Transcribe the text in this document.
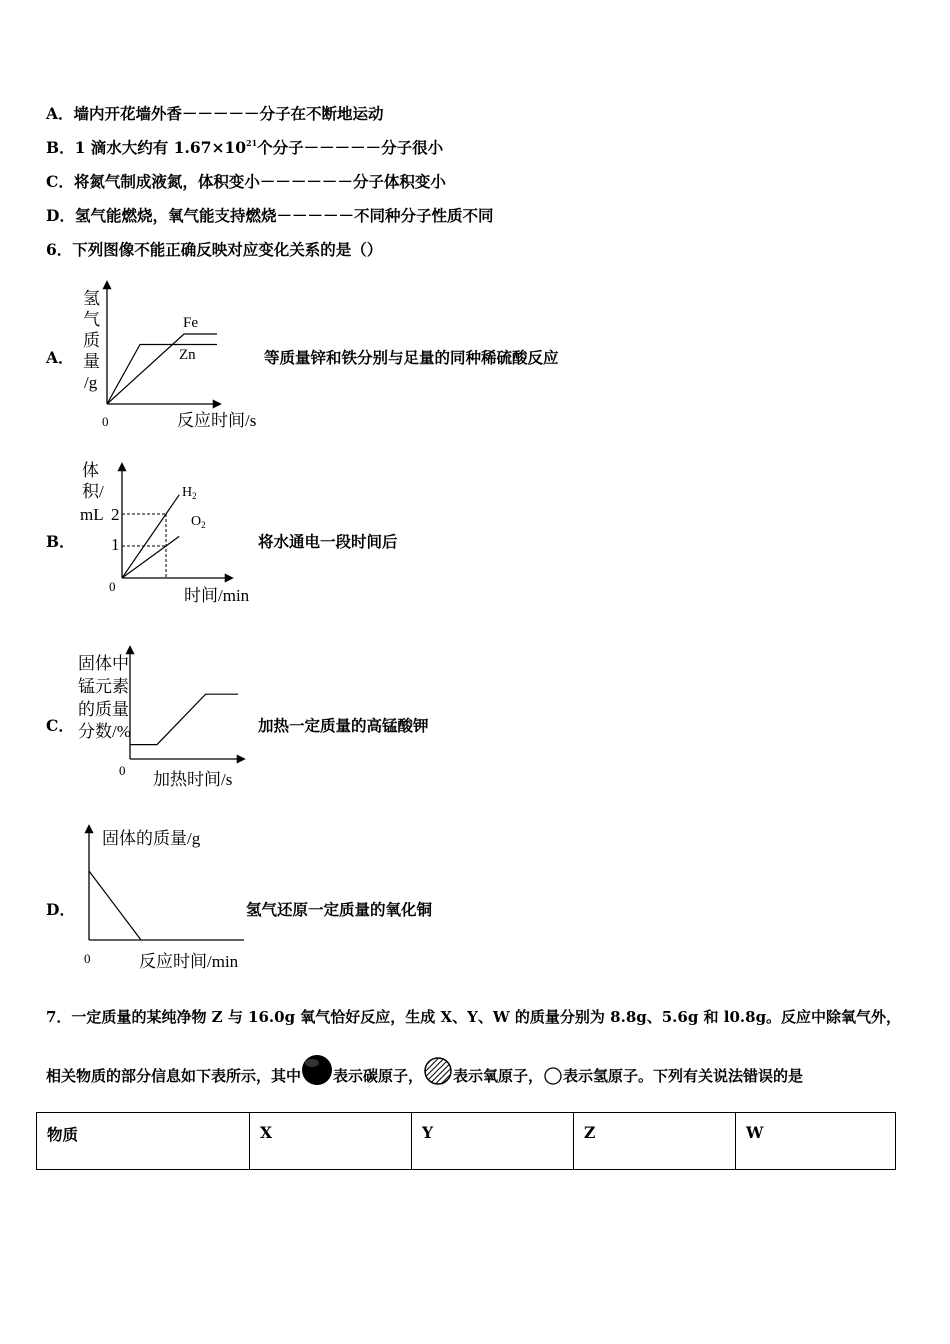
A．墙内开花墙外香－－－－－分子在不断地运动
B．1 滴水大约有 $1.67\times 10^{21}$个分子－－－－－分子很小
C．将氮气制成液氮，体积变小－－－－－－分子体积变小
D．氢气能燃烧，氧气能支持燃烧－－－－－不同种分子性质不同
6．下列图像不能正确反映对应变化关系的是（）
A．
氢
气
质
量
/g
0	反应时间/s
Fe
Zn	等质量锌和铁分别与足量的同种稀硫酸反应
B．
体
积/
mL 2
1
$H_2$
$O_2$
0	时间/min
将水通电一段时间后
C．
固体中
锰元素
的质量
分数/%
0 加热时间/s
加热一定质量的高锰酸钾
D．
固体的质量/g
0	反应时间/min
氢气还原一定质量的氧化铜
7．一定质量的某纯净物 Z 与 16.0g 氧气恰好反应，生成 X、Y、W 的质量分别为 8.8g、5.6g 和 l0.8g。反应中除氧气外，
相关物质的部分信息如下表所示，其中 表示碳原子， 表示氧原子， 表示氢原子。下列有关说法错误的是
物质	X	Y	Z	W
